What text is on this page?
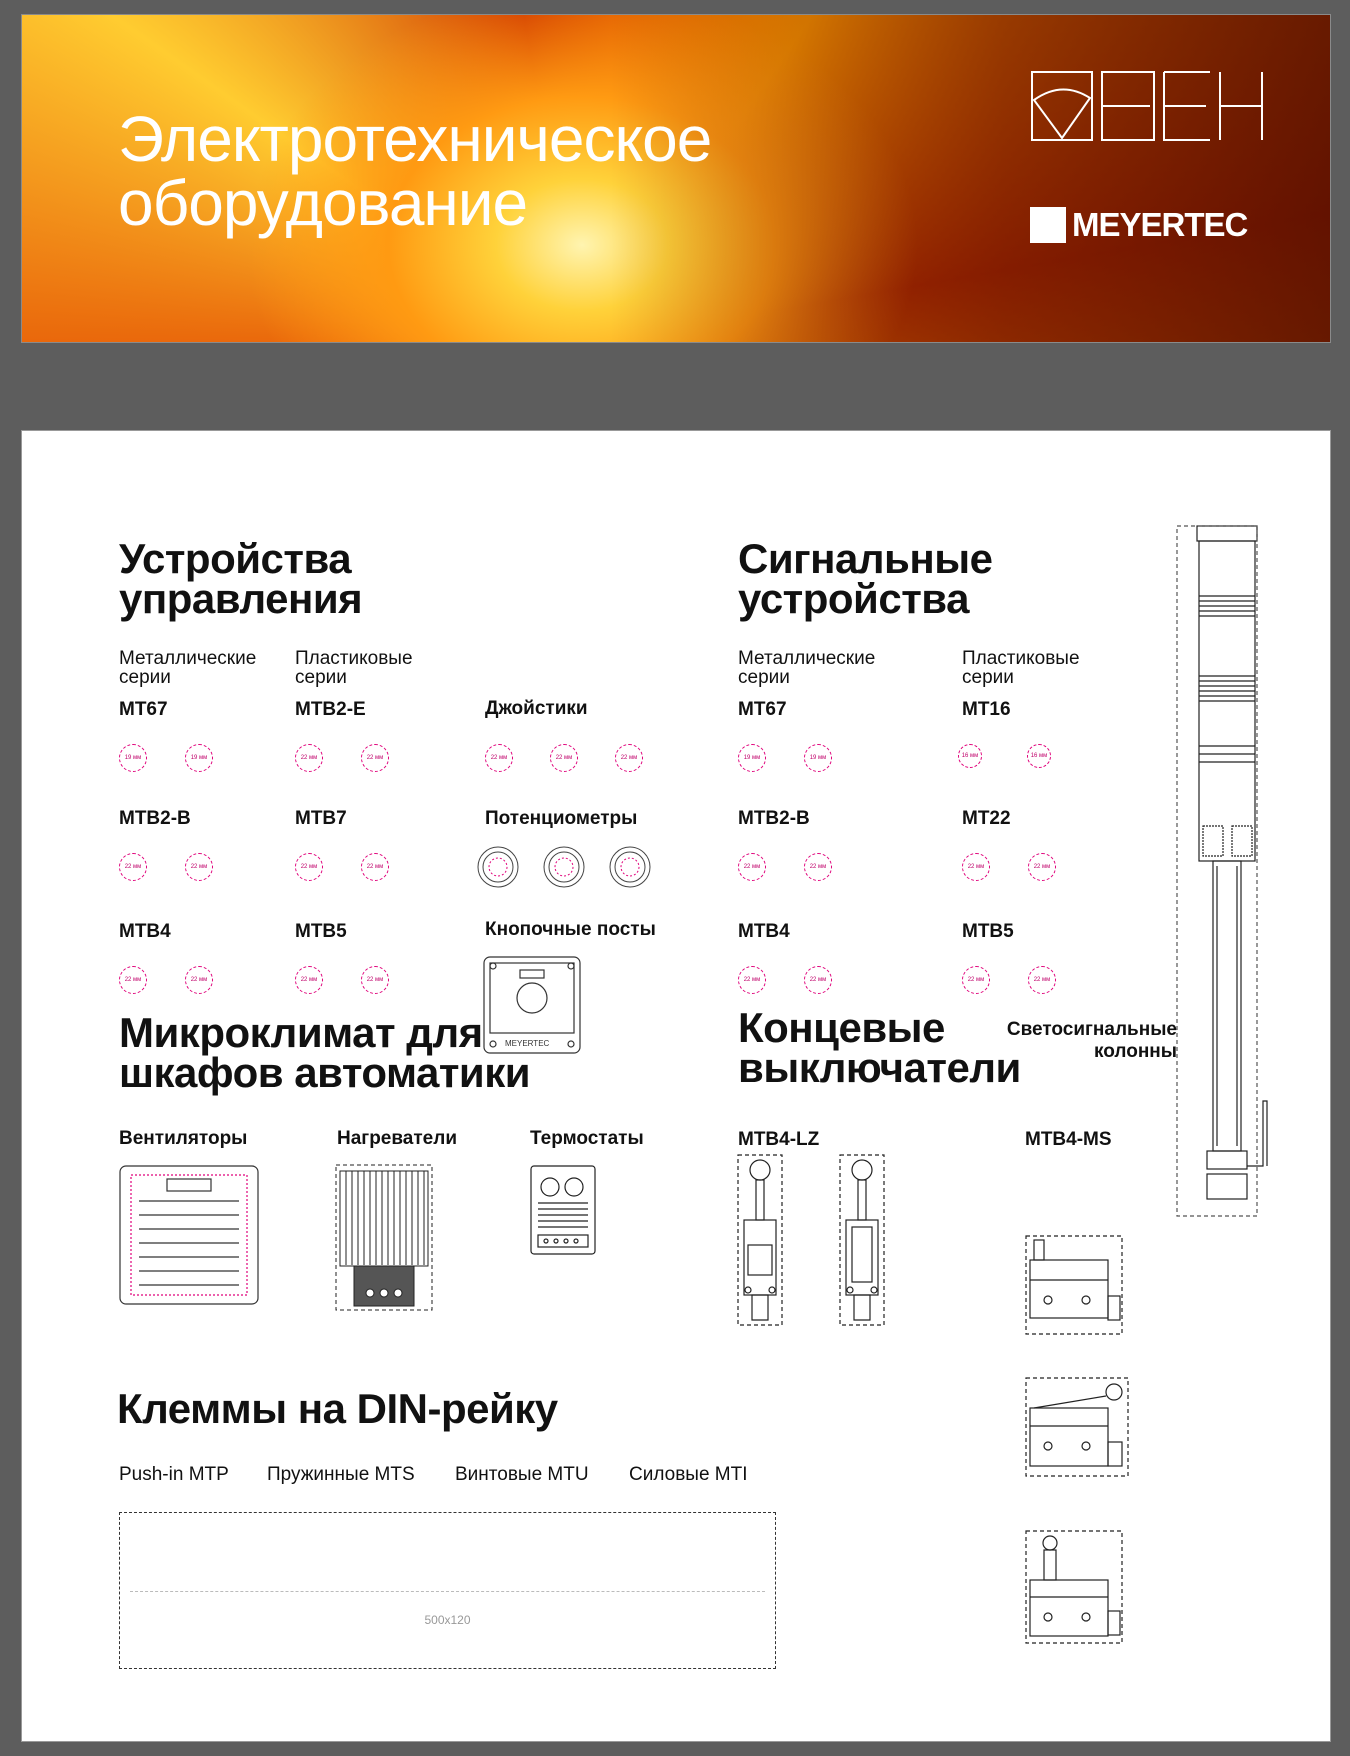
Электротехническое
оборудование
ОВЕН
MEYERTEC
Устройства
управления
Металлические
серии
Пластиковые
серии
MT67
19 мм	19 мм
MTB2-E
22 мм	22 мм
MTB2-B
22 мм	22 мм
MTB7
22 мм	22 мм
MTB4
22 мм	22 мм
MTB5
22 мм	22 мм
Джойстики
22 мм	22 мм	22 мм
Потенциометры
Кнопочные посты
MEYERTEC
Сигнальные
устройства
Металлические
серии
Пластиковые
серии
MT67
19 мм	19 мм
MT16
16 мм	16 мм
MTB2-B
22 мм	22 мм
MT22
22 мм	22 мм
MTB4
22 мм	22 мм
MTB5
22 мм	22 мм
Светосигнальные
колонны
Микроклимат для
шкафов автоматики
Вентиляторы	Нагреватели	Термостаты
Концевые
выключатели
MTB4-LZ	MTB4-MS
Клеммы на DIN-рейку
Push-in MTP Пружинные MTS Винтовые MTU Силовые MTI
500x120
